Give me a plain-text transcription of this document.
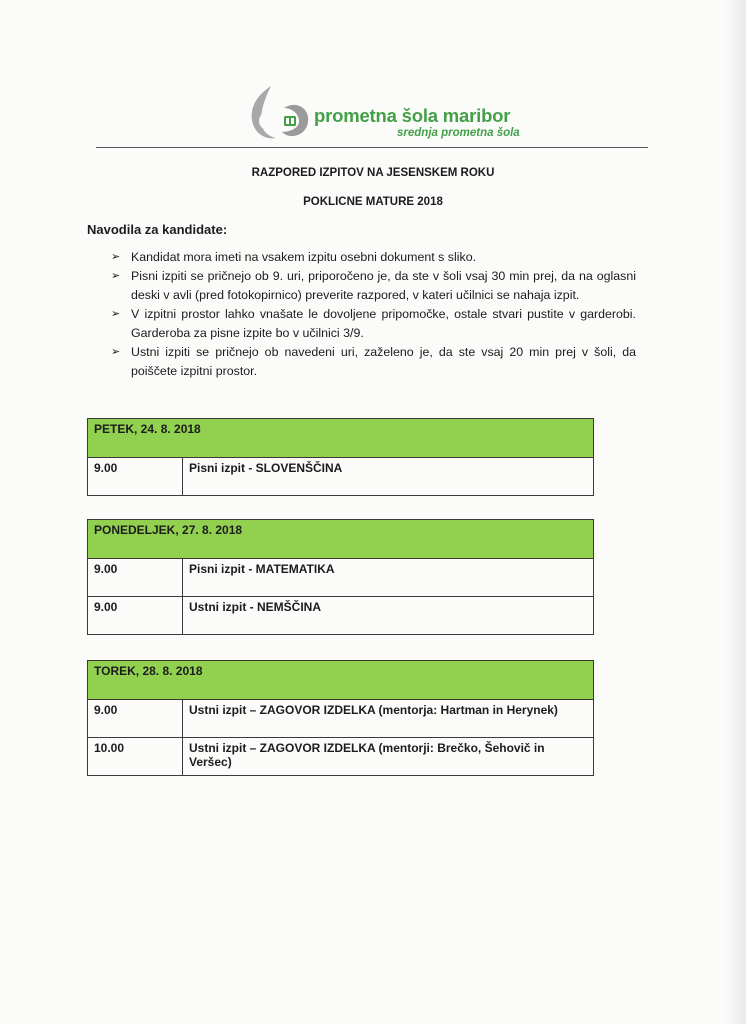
60
prometna šola maribor
srednja prometna šola
RAZPORED IZPITOV NA JESENSKEM ROKU
POKLICNE MATURE 2018
Navodila za kandidate:
➢ Kandidat mora imeti na vsakem izpitu osebni dokument s sliko.
➢ Pisni izpiti se pričnejo ob 9. uri, priporočeno je, da ste v šoli vsaj 30 min prej, da na oglasni deski v avli (pred fotokopirnico) preverite razpored, v kateri učilnici se nahaja izpit.
➢ V izpitni prostor lahko vnašate le dovoljene pripomočke, ostale stvari pustite v garderobi. Garderoba za pisne izpite bo v učilnici 3/9.
➢ Ustni izpiti se pričnejo ob navedeni uri, zaželeno je, da ste vsaj 20 min prej v šoli, da poiščete izpitni prostor.
PETEK, 24. 8. 2018
9.00	Pisni izpit - SLOVENŠČINA
PONEDELJEK, 27. 8. 2018	
9.00	Pisni izpit - MATEMATIKA
9.00	Ustni izpit - NEMŠČINA
TOREK, 28. 8. 2018	
9.00	Ustni izpit – ZAGOVOR IZDELKA (mentorja: Hartman in Herynek)
10.00	Ustni izpit – ZAGOVOR IZDELKA (mentorji: Brečko, Šehovič in Veršec)
